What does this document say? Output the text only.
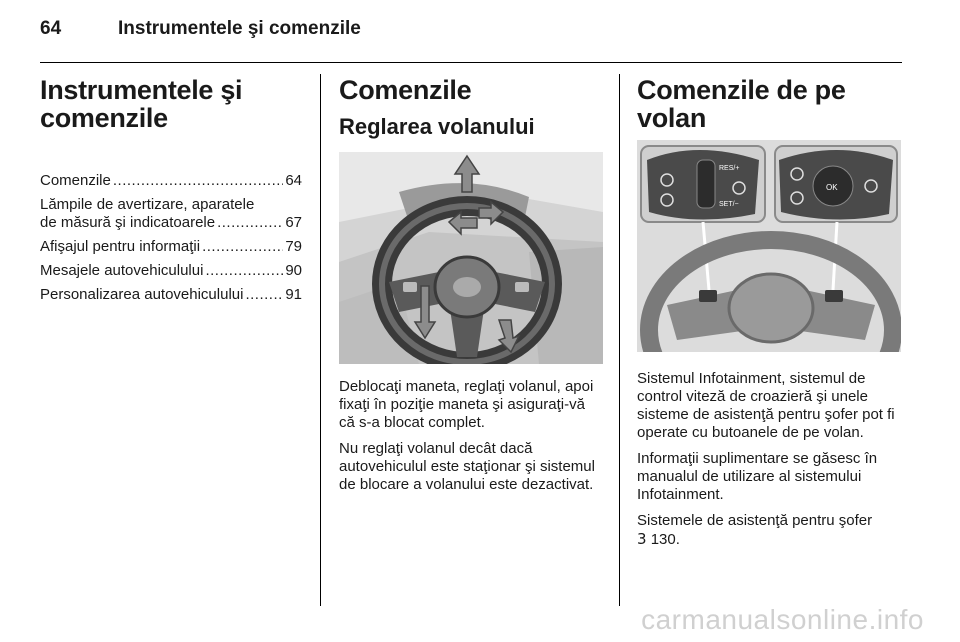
64	Instrumentele şi comenzile
Instrumentele şi
comenzile
Comenzile .....	64
Lămpile de avertizare, aparatele
de măsură şi indicatoarele .....	67
Afişajul pentru informaţii .....	79
Mesajele autovehiculului .....	90
Personalizarea autovehiculului .....	91
Comenzile
Reglarea volanului

Deblocaţi maneta, reglaţi volanul, apoi fixaţi în poziţie maneta şi asiguraţi-vă că s-a blocat complet.

Nu reglaţi volanul decât dacă autovehiculul este staţionar şi sistemul de blocare a volanului este dezactivat.

Comenzile de pe volan
RES/+
SET/−
OK

Sistemul Infotainment, sistemul de control viteză de croazieră şi unele sisteme de asistenţă pentru şofer pot fi operate cu butoanele de pe volan.

Informaţii suplimentare se găsesc în manualul de utilizare al sistemului Infotainment.

Sistemele de asistenţă pentru şofer
3 130.

carmanualsonline.info
